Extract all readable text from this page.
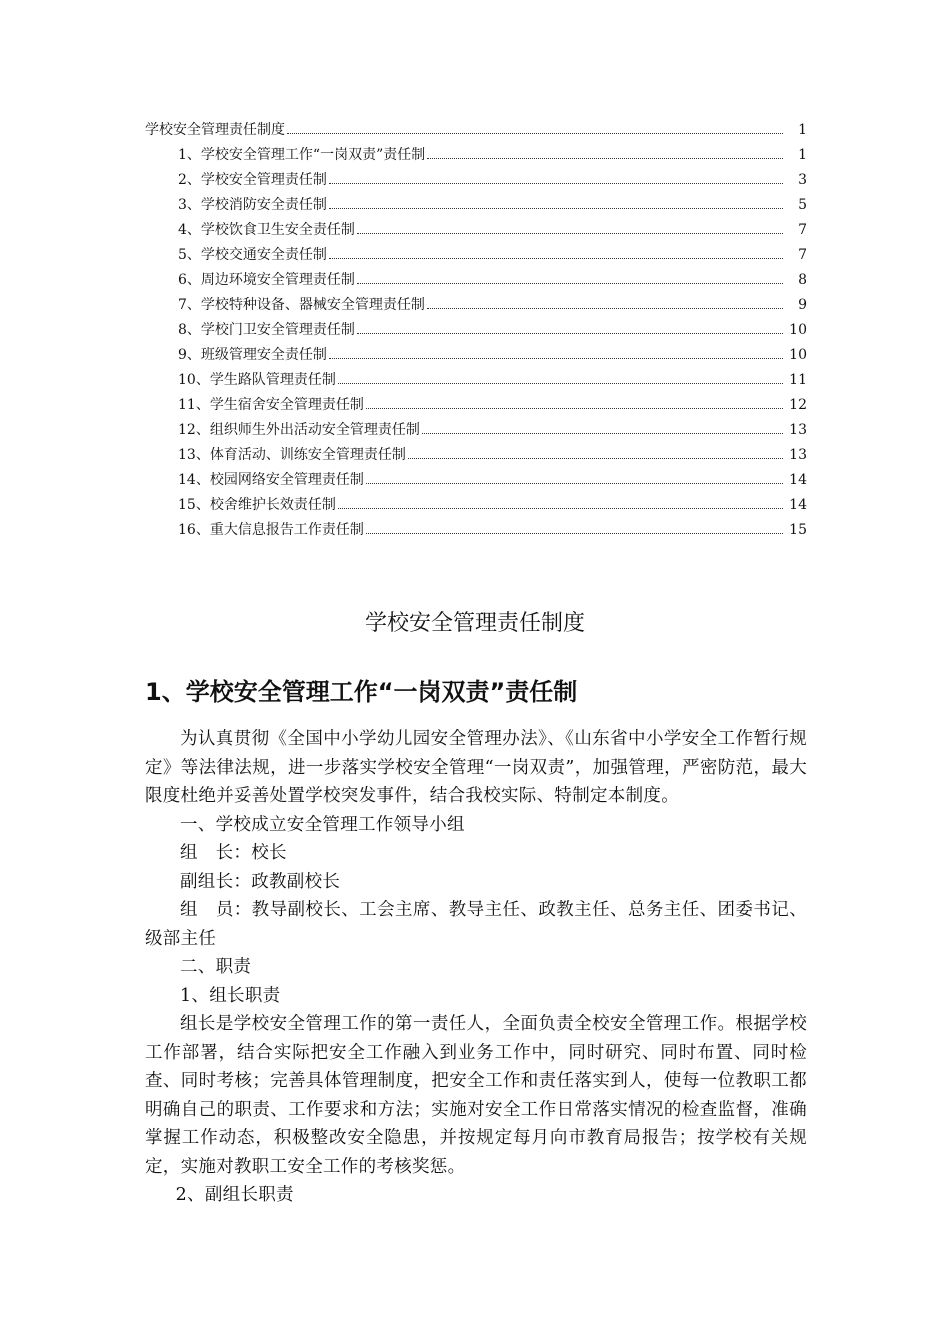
学校安全管理责任制度	1
1、学校安全管理工作“一岗双责”责任制	1
2、学校安全管理责任制	3
3、学校消防安全责任制	5
4、学校饮食卫生安全责任制	7
5、学校交通安全责任制	7
6、周边环境安全管理责任制	8
7、学校特种设备、器械安全管理责任制	9
8、学校门卫安全管理责任制	10
9、班级管理安全责任制	10
10、学生路队管理责任制	11
11、学生宿舍安全管理责任制	12
12、组织师生外出活动安全管理责任制	13
13、体育活动、训练安全管理责任制	13
14、校园网络安全管理责任制	14
15、校舍维护长效责任制	14
16、重大信息报告工作责任制	15
学校安全管理责任制度
1、学校安全管理工作“一岗双责”责任制

为认真贯彻《全国中小学幼儿园安全管理办法》、《山东省中小学安全工作暂行规定》等法律法规，进一步落实学校安全管理“一岗双责”，加强管理，严密防范，最大限度杜绝并妥善处置学校突发事件，结合我校实际、特制定本制度。

一、学校成立安全管理工作领导小组

组　长：校长

副组长：政教副校长

组　员：教导副校长、工会主席、教导主任、政教主任、总务主任、团委书记、级部主任

二、职责

1、组长职责

组长是学校安全管理工作的第一责任人，全面负责全校安全管理工作。根据学校工作部署，结合实际把安全工作融入到业务工作中，同时研究、同时布置、同时检查、同时考核；完善具体管理制度，把安全工作和责任落实到人，使每一位教职工都明确自己的职责、工作要求和方法；实施对安全工作日常落实情况的检查监督，准确掌握工作动态，积极整改安全隐患，并按规定每月向市教育局报告；按学校有关规定，实施对教职工安全工作的考核奖惩。

2、副组长职责
